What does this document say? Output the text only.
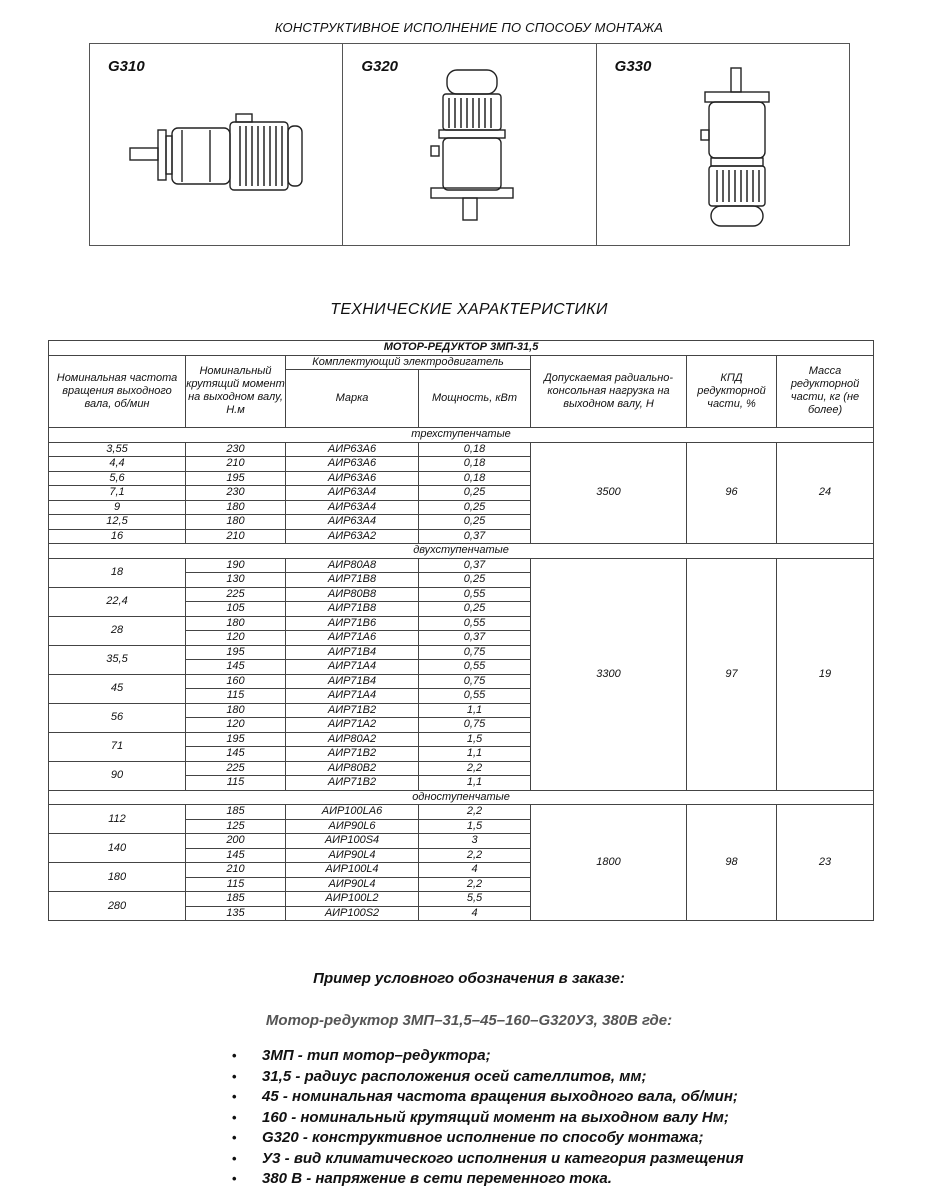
КОНСТРУКТИВНОЕ ИСПОЛНЕНИЕ ПО СПОСОБУ МОНТАЖА
G310	G320	G330
ТЕХНИЧЕСКИЕ ХАРАКТЕРИСТИКИ
МОТОР-РЕДУКТОР 3МП-31,5						
Номинальная частота вращения выходного вала, об/мин	Номинальный крутящий момент на выходном валу, Н.м	Комплектующий электродвигатель		Допускаемая радиально-консольная нагрузка на выходном валу, Н	КПД редукторной части, %	Масса редукторной части, кг (не более)
		Марка	Мощность, кВт			
трехступенчатые						
3,55	230	АИР63А6	0,18	3500	96	24
4,4	210	АИР63А6	0,18			
5,6	195	АИР63А6	0,18			
7,1	230	АИР63А4	0,25			
9	180	АИР63А4	0,25			
12,5	180	АИР63А4	0,25			
16	210	АИР63А2	0,37			
двухступенчатые						
18	190	АИР80А8	0,37	3300	97	19
	130	АИР71В8	0,25			
22,4	225	АИР80В8	0,55			
	105	АИР71В8	0,25			
28	180	АИР71В6	0,55			
	120	АИР71А6	0,37			
35,5	195	АИР71В4	0,75			
	145	АИР71А4	0,55			
45	160	АИР71В4	0,75			
	115	АИР71А4	0,55			
56	180	АИР71В2	1,1			
	120	АИР71А2	0,75			
71	195	АИР80А2	1,5			
	145	АИР71В2	1,1			
90	225	АИР80В2	2,2			
	115	АИР71В2	1,1			
одноступенчатые						
112	185	АИР100LA6	2,2	1800	98	23
	125	АИР90L6	1,5			
140	200	АИР100S4	3			
	145	АИР90L4	2,2			
180	210	АИР100L4	4			
	115	АИР90L4	2,2			
280	185	АИР100L2	5,5			
	135	АИР100S2	4			
Пример условного обозначения в заказе:
Мотор-редуктор 3МП–31,5–45–160–G320У3, 380В где:
• 3МП - тип мотор–редуктора;
• 31,5 - радиус расположения осей сателлитов, мм;
• 45 - номинальная частота вращения выходного вала, об/мин;
• 160 - номинальный крутящий момент на выходном валу Нм;
• G320 - конструктивное исполнение по способу монтажа;
• У3 - вид климатического исполнения и категория размещения
• 380 В - напряжение в сети переменного тока.
